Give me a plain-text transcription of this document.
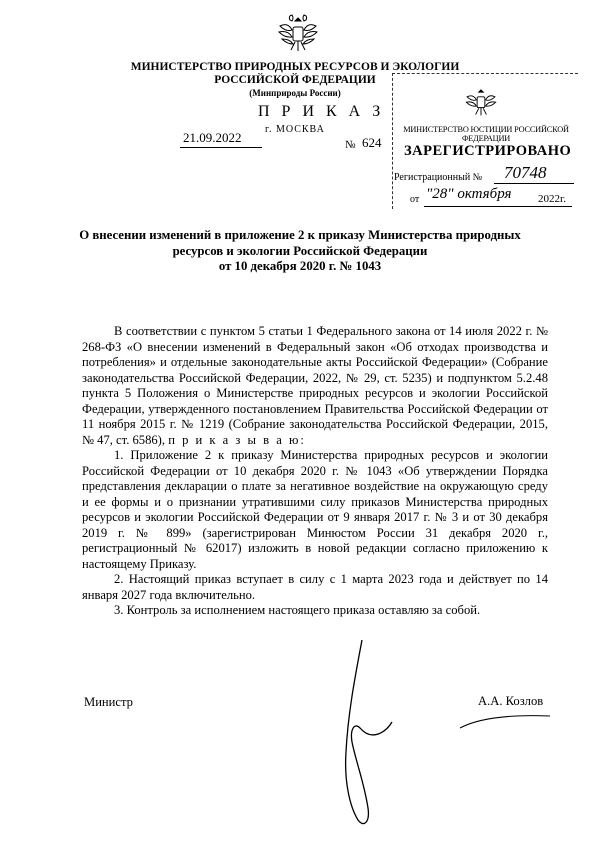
МИНИСТЕРСТВО ПРИРОДНЫХ РЕСУРСОВ И ЭКОЛОГИИ
РОССИЙСКОЙ ФЕДЕРАЦИИ
(Минприроды России)
П Р И К А З
г. МОСКВА
21.09.2022	№ 624
МИНИСТЕРСТВО ЮСТИЦИИ РОССИЙСКОЙ ФЕДЕРАЦИИ
ЗАРЕГИСТРИРОВАНО
Регистрационный № 70748
от "28" октября 2022г.
О внесении изменений в приложение 2 к приказу Министерства природных
ресурсов и экологии Российской Федерации
от 10 декабря 2020 г. № 1043

В соответствии с пунктом 5 статьи 1 Федерального закона от 14 июля 2022 г. № 268-ФЗ «О внесении изменений в Федеральный закон «Об отходах производства и потребления» и отдельные законодательные акты Российской Федерации» (Собрание законодательства Российской Федерации, 2022, № 29, ст. 5235) и подпунктом 5.2.48 пункта 5 Положения о Министерстве природных ресурсов и экологии Российской Федерации, утвержденного постановлением Правительства Российской Федерации от 11 ноября 2015 г. № 1219 (Собрание законодательства Российской Федерации, 2015, № 47, ст. 6586), п р и к а з ы в а ю:

1. Приложение 2 к приказу Министерства природных ресурсов и экологии Российской Федерации от 10 декабря 2020 г. № 1043 «Об утверждении Порядка представления декларации о плате за негативное воздействие на окружающую среду и ее формы и о признании утратившими силу приказов Министерства природных ресурсов и экологии Российской Федерации от 9 января 2017 г. № 3 и от 30 декабря 2019 г. № 899» (зарегистрирован Минюстом России 31 декабря 2020 г., регистрационный № 62017) изложить в новой редакции согласно приложению к настоящему Приказу.

2. Настоящий приказ вступает в силу с 1 марта 2023 года и действует по 14 января 2027 года включительно.

3. Контроль за исполнением настоящего приказа оставляю за собой.

Министр	А.А. Козлов
